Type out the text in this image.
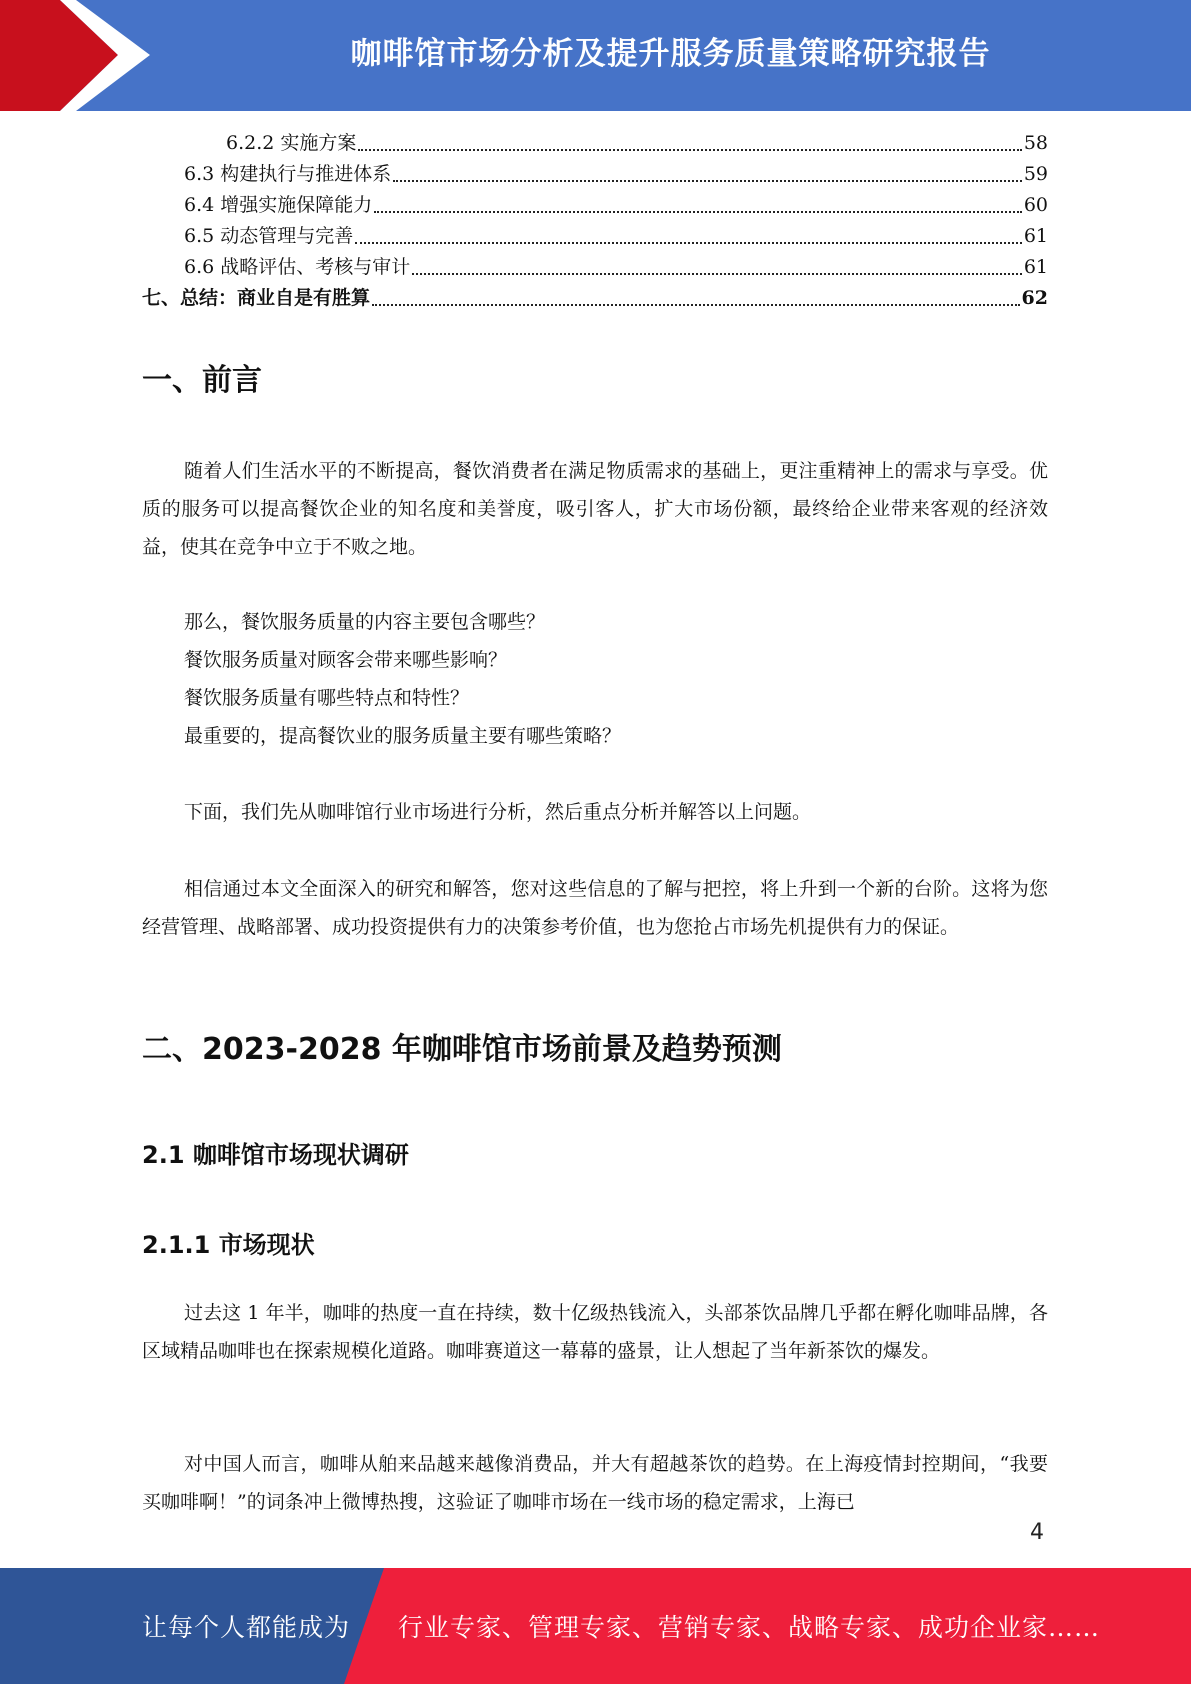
咖啡馆市场分析及提升服务质量策略研究报告
6.2.2 实施方案	58
6.3 构建执行与推进体系	59
6.4 增强实施保障能力	60
6.5 动态管理与完善	61
6.6 战略评估、考核与审计	61
七、总结：商业自是有胜算	62
一、前言

随着人们生活水平的不断提高，餐饮消费者在满足物质需求的基础上，更注重精神上的需求与享受。优质的服务可以提高餐饮企业的知名度和美誉度，吸引客人，扩大市场份额，最终给企业带来客观的经济效益，使其在竞争中立于不败之地。

那么，餐饮服务质量的内容主要包含哪些？

餐饮服务质量对顾客会带来哪些影响？

餐饮服务质量有哪些特点和特性？

最重要的，提高餐饮业的服务质量主要有哪些策略？

下面，我们先从咖啡馆行业市场进行分析，然后重点分析并解答以上问题。

相信通过本文全面深入的研究和解答，您对这些信息的了解与把控，将上升到一个新的台阶。这将为您经营管理、战略部署、成功投资提供有力的决策参考价值，也为您抢占市场先机提供有力的保证。

二、2023-2028 年咖啡馆市场前景及趋势预测
2.1 咖啡馆市场现状调研
2.1.1 市场现状

过去这 1 年半，咖啡的热度一直在持续，数十亿级热钱流入，头部茶饮品牌几乎都在孵化咖啡品牌，各区域精品咖啡也在探索规模化道路。咖啡赛道这一幕幕的盛景，让人想起了当年新茶饮的爆发。

对中国人而言，咖啡从舶来品越来越像消费品，并大有超越茶饮的趋势。在上海疫情封控期间，“我要买咖啡啊！”的词条冲上微博热搜，这验证了咖啡市场在一线市场的稳定需求，上海已

4
让每个人都能成为 行业专家、管理专家、营销专家、战略专家、成功企业家……
